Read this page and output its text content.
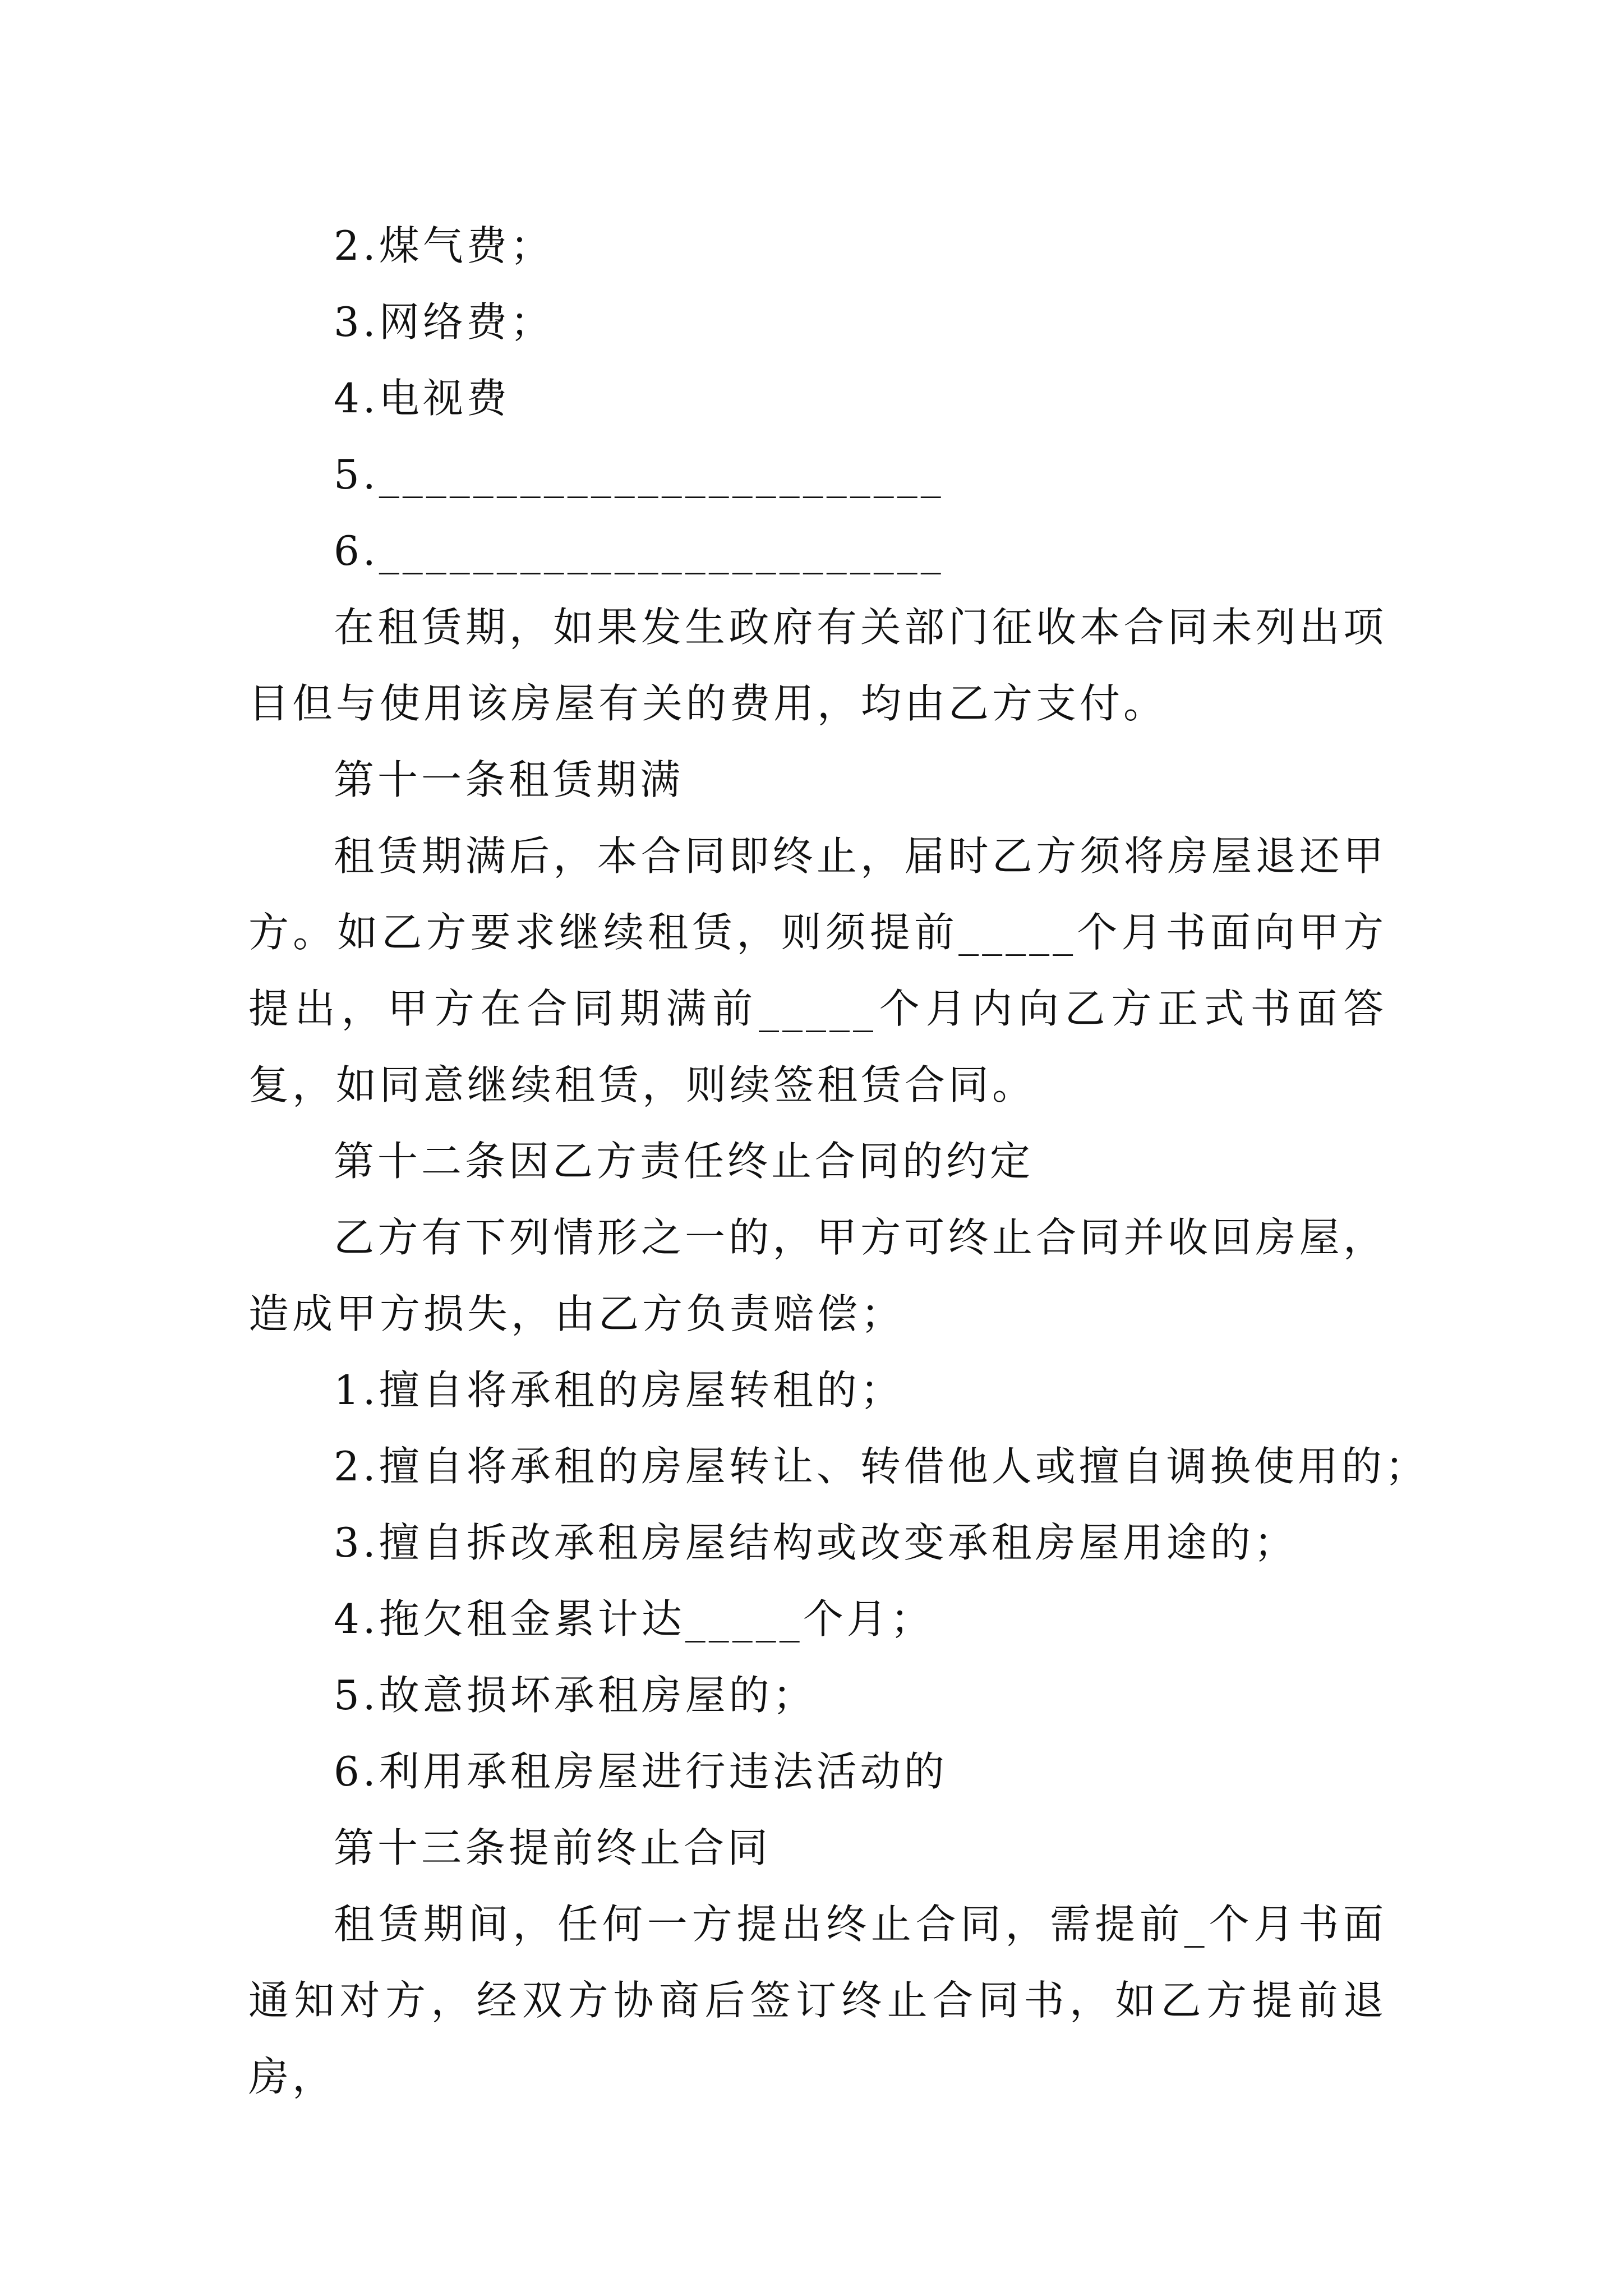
2.煤气费；
3.网络费；
4.电视费
5.________________________
6.________________________
在租赁期，如果发生政府有关部门征收本合同未列出项目但与使用该房屋有关的费用，均由乙方支付。
第十一条租赁期满
租赁期满后，本合同即终止，届时乙方须将房屋退还甲方。如乙方要求继续租赁，则须提前_____个月书面向甲方提出，甲方在合同期满前_____个月内向乙方正式书面答复，如同意继续租赁，则续签租赁合同。
第十二条因乙方责任终止合同的约定
乙方有下列情形之一的，甲方可终止合同并收回房屋，造成甲方损失，由乙方负责赔偿；
1.擅自将承租的房屋转租的；
2.擅自将承租的房屋转让、转借他人或擅自调换使用的；
3.擅自拆改承租房屋结构或改变承租房屋用途的；
4.拖欠租金累计达_____个月；
5.故意损坏承租房屋的；
6.利用承租房屋进行违法活动的
第十三条提前终止合同
租赁期间，任何一方提出终止合同，需提前_个月书面通知对方，经双方协商后签订终止合同书，如乙方提前退房，
